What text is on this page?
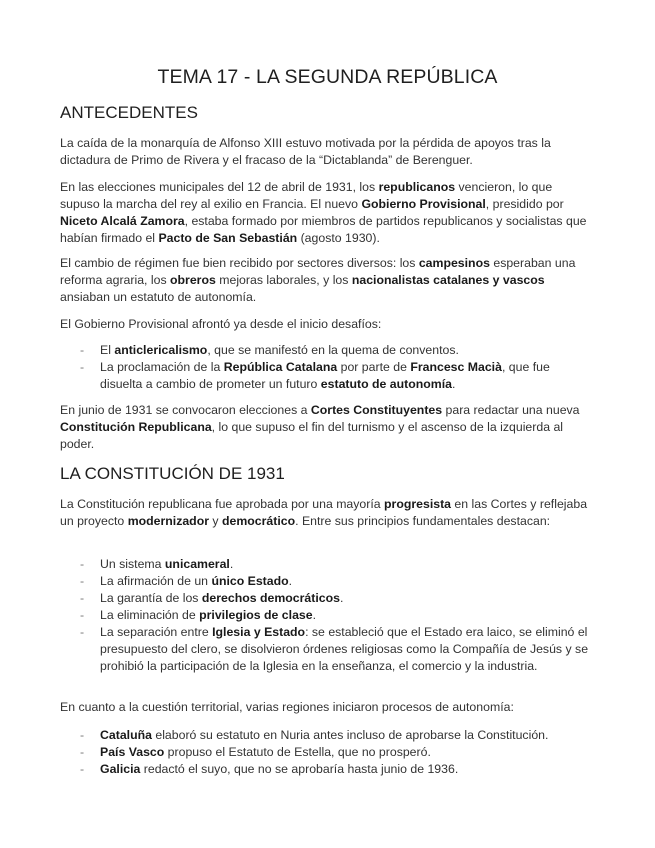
TEMA 17 - LA SEGUNDA REPÚBLICA
ANTECEDENTES

La caída de la monarquía de Alfonso XIII estuvo motivada por la pérdida de apoyos tras la dictadura de Primo de Rivera y el fracaso de la “Dictablanda” de Berenguer.

En las elecciones municipales del 12 de abril de 1931, los republicanos vencieron, lo que supuso la marcha del rey al exilio en Francia. El nuevo Gobierno Provisional, presidido por Niceto Alcalá Zamora, estaba formado por miembros de partidos republicanos y socialistas que habían firmado el Pacto de San Sebastián (agosto 1930).

El cambio de régimen fue bien recibido por sectores diversos: los campesinos esperaban una reforma agraria, los obreros mejoras laborales, y los nacionalistas catalanes y vascos ansiaban un estatuto de autonomía.

El Gobierno Provisional afrontó ya desde el inicio desafíos:

- El anticlericalismo, que se manifestó en la quema de conventos.
- La proclamación de la República Catalana por parte de Francesc Macià, que fue disuelta a cambio de prometer un futuro estatuto de autonomía.

En junio de 1931 se convocaron elecciones a Cortes Constituyentes para redactar una nueva Constitución Republicana, lo que supuso el fin del turnismo y el ascenso de la izquierda al poder.

LA CONSTITUCIÓN DE 1931

La Constitución republicana fue aprobada por una mayoría progresista en las Cortes y reflejaba un proyecto modernizador y democrático. Entre sus principios fundamentales destacan:

- Un sistema unicameral.
- La afirmación de un único Estado.
- La garantía de los derechos democráticos.
- La eliminación de privilegios de clase.
- La separación entre Iglesia y Estado: se estableció que el Estado era laico, se eliminó el presupuesto del clero, se disolvieron órdenes religiosas como la Compañía de Jesús y se prohibió la participación de la Iglesia en la enseñanza, el comercio y la industria.

En cuanto a la cuestión territorial, varias regiones iniciaron procesos de autonomía:

- Cataluña elaboró su estatuto en Nuria antes incluso de aprobarse la Constitución.
- País Vasco propuso el Estatuto de Estella, que no prosperó.
- Galicia redactó el suyo, que no se aprobaría hasta junio de 1936.
